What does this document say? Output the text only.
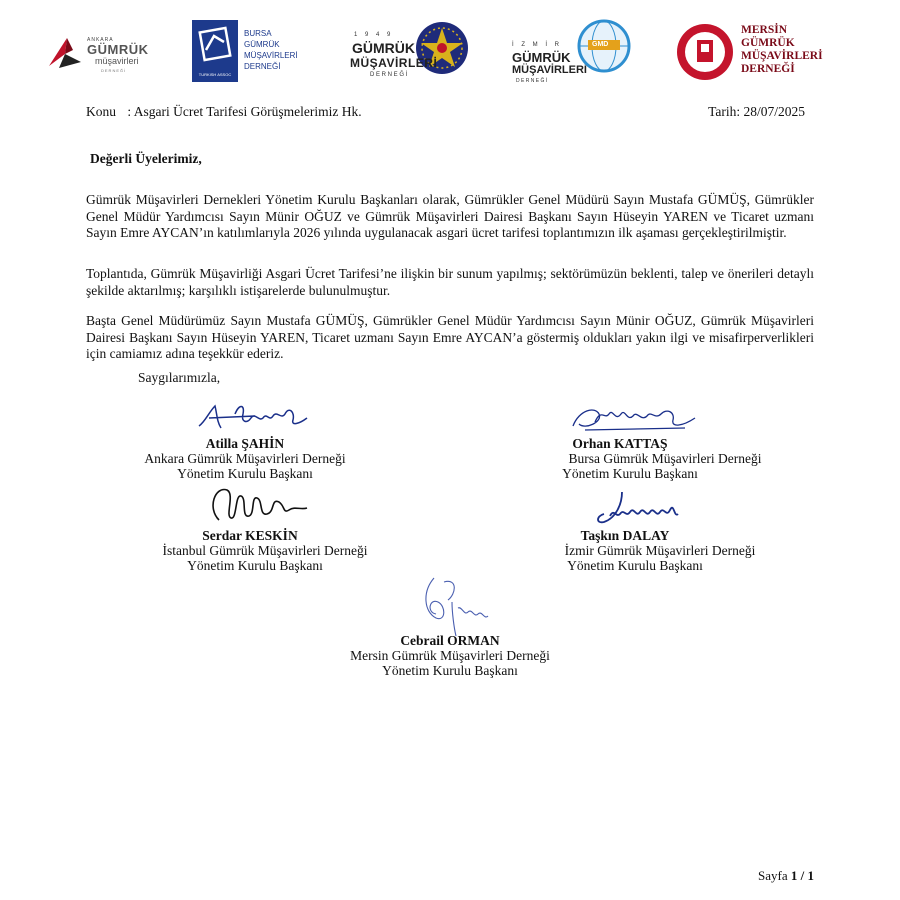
ANKARA
GÜMRÜK
müşavirleri
DERNEĞİ
TURKISH ASSOC
BURSA
GÜMRÜK
MÜŞAVİRLERİ
DERNEĞİ
1 9 4 9
GÜMRÜK
MÜŞAVİRLERİ
D E R N E Ğ İ
İ Z M İ R
GÜMRÜK
MÜŞAVİRLERİ
D E R N E Ğ İ
GMD
MERSİN
GÜMRÜK
MÜŞAVİRLERİ
DERNEĞİ
Konu : Asgari Ücret Tarifesi Görüşmelerimiz Hk.	Tarih: 28/07/2025
Değerli Üyelerimiz,

Gümrük Müşavirleri Dernekleri Yönetim Kurulu Başkanları olarak, Gümrükler Genel Müdürü Sayın Mustafa GÜMÜŞ, Gümrükler Genel Müdür Yardımcısı Sayın Münir OĞUZ ve Gümrük Müşavirleri Dairesi Başkanı Sayın Hüseyin YAREN ve Ticaret uzmanı Sayın Emre AYCAN’ın katılımlarıyla 2026 yılında uygulanacak asgari ücret tarifesi toplantımızın ilk aşaması gerçekleştirilmiştir.

Toplantıda, Gümrük Müşavirliği Asgari Ücret Tarifesi’ne ilişkin bir sunum yapılmış; sektörümüzün beklenti, talep ve önerileri detaylı şekilde aktarılmış; karşılıklı istişarelerde bulunulmuştur.

Başta Genel Müdürümüz Sayın Mustafa GÜMÜŞ, Gümrükler Genel Müdür Yardımcısı Sayın Münir OĞUZ, Gümrük Müşavirleri Dairesi Başkanı Sayın Hüseyin YAREN, Ticaret uzmanı Sayın Emre AYCAN’a göstermiş oldukları yakın ilgi ve misafirperverlikleri için camiamız adına teşekkür ederiz.

Saygılarımızla,
Atilla ŞAHİN
Ankara Gümrük Müşavirleri Derneği
Yönetim Kurulu Başkanı
Orhan KATTAŞ
Bursa Gümrük Müşavirleri Derneği
Yönetim Kurulu Başkanı
Serdar KESKİN
İstanbul Gümrük Müşavirleri Derneği
Yönetim Kurulu Başkanı
Taşkın DALAY
İzmir Gümrük Müşavirleri Derneği
Yönetim Kurulu Başkanı
Cebrail ORMAN
Mersin Gümrük Müşavirleri Derneği
Yönetim Kurulu Başkanı
Sayfa 1 / 1
